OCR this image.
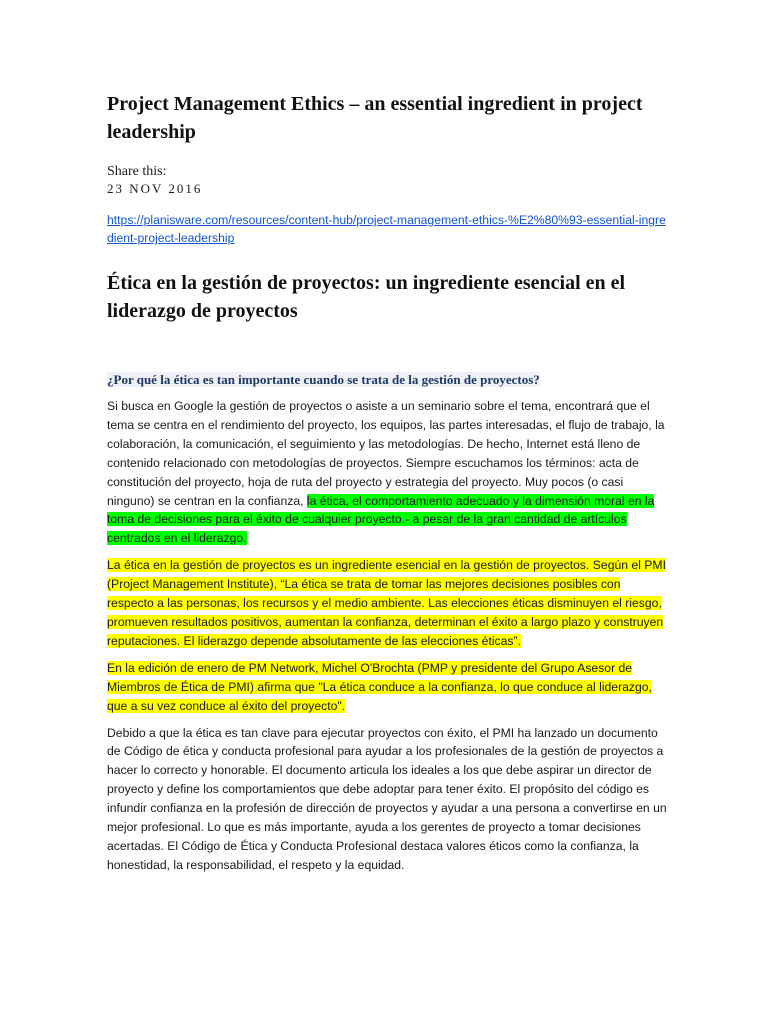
Project Management Ethics – an essential ingredient in project leadership

Share this:

23 NOV 2016

https://planisware.com/resources/content-hub/project-management-ethics-%E2%80%93-essential-ingredient-project-leadership
Ética en la gestión de proyectos: un ingrediente esencial en el liderazgo de proyectos
¿Por qué la ética es tan importante cuando se trata de la gestión de proyectos?

Si busca en Google la gestión de proyectos o asiste a un seminario sobre el tema, encontrará que el tema se centra en el rendimiento del proyecto, los equipos, las partes interesadas, el flujo de trabajo, la colaboración, la comunicación, el seguimiento y las metodologías. De hecho, Internet está lleno de contenido relacionado con metodologías de proyectos. Siempre escuchamos los términos: acta de constitución del proyecto, hoja de ruta del proyecto y estrategia del proyecto. Muy pocos (o casi ninguno) se centran en la confianza, la ética, el comportamiento adecuado y la dimensión moral en la toma de decisiones para el éxito de cualquier proyecto.- a pesar de la gran cantidad de artículos centrados en el liderazgo.

La ética en la gestión de proyectos es un ingrediente esencial en la gestión de proyectos. Según el PMI (Project Management Institute), “La ética se trata de tomar las mejores decisiones posibles con respecto a las personas, los recursos y el medio ambiente. Las elecciones éticas disminuyen el riesgo, promueven resultados positivos, aumentan la confianza, determinan el éxito a largo plazo y construyen reputaciones. El liderazgo depende absolutamente de las elecciones éticas”.

En la edición de enero de PM Network, Michel O'Brochta (PMP y presidente del Grupo Asesor de Miembros de Ética de PMI) afirma que "La ética conduce a la confianza, lo que conduce al liderazgo, que a su vez conduce al éxito del proyecto".

Debido a que la ética es tan clave para ejecutar proyectos con éxito, el PMI ha lanzado un documento de Código de ética y conducta profesional para ayudar a los profesionales de la gestión de proyectos a hacer lo correcto y honorable. El documento articula los ideales a los que debe aspirar un director de proyecto y define los comportamientos que debe adoptar para tener éxito. El propósito del código es infundir confianza en la profesión de dirección de proyectos y ayudar a una persona a convertirse en un mejor profesional. Lo que es más importante, ayuda a los gerentes de proyecto a tomar decisiones acertadas. El Código de Ética y Conducta Profesional destaca valores éticos como la confianza, la honestidad, la responsabilidad, el respeto y la equidad.
